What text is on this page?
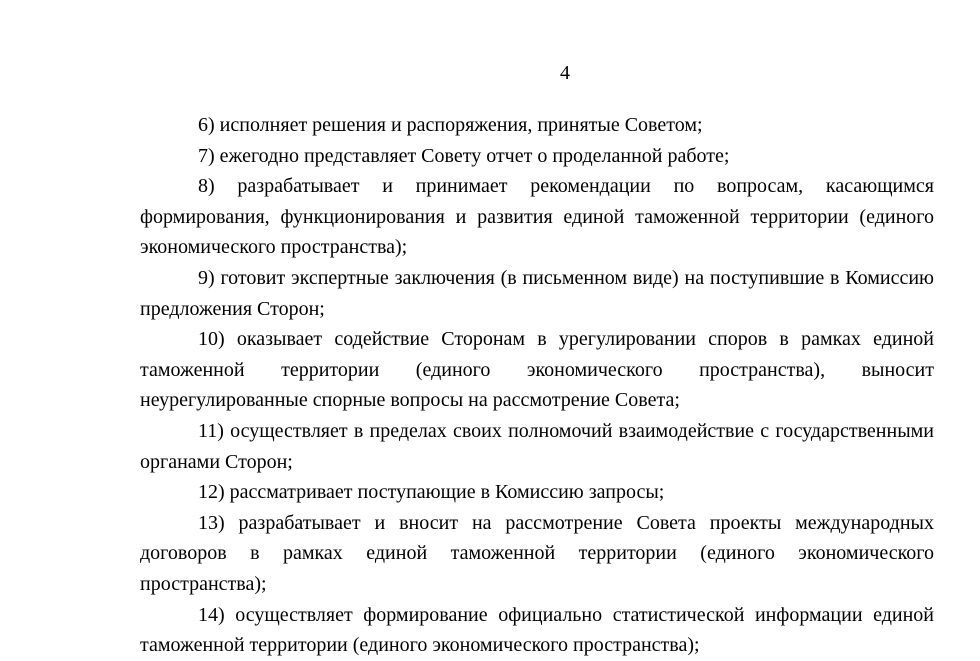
4

6) исполняет решения и распоряжения, принятые Советом;

7) ежегодно представляет Совету отчет о проделанной работе;

8) разрабатывает и принимает рекомендации по вопросам, касающимся формирования, функционирования и развития единой таможенной территории (единого экономического пространства);

9) готовит экспертные заключения (в письменном виде) на поступившие в Комиссию предложения Сторон;

10) оказывает содействие Сторонам в урегулировании споров в рамках единой таможенной территории (единого экономического пространства), выносит неурегулированные спорные вопросы на рассмотрение Совета;

11) осуществляет в пределах своих полномочий взаимодействие с государственными органами Сторон;

12) рассматривает поступающие в Комиссию запросы;

13) разрабатывает и вносит на рассмотрение Совета проекты международных договоров в рамках единой таможенной территории (единого экономического пространства);

14) осуществляет формирование официально статистической информации единой таможенной территории (единого экономического пространства);
